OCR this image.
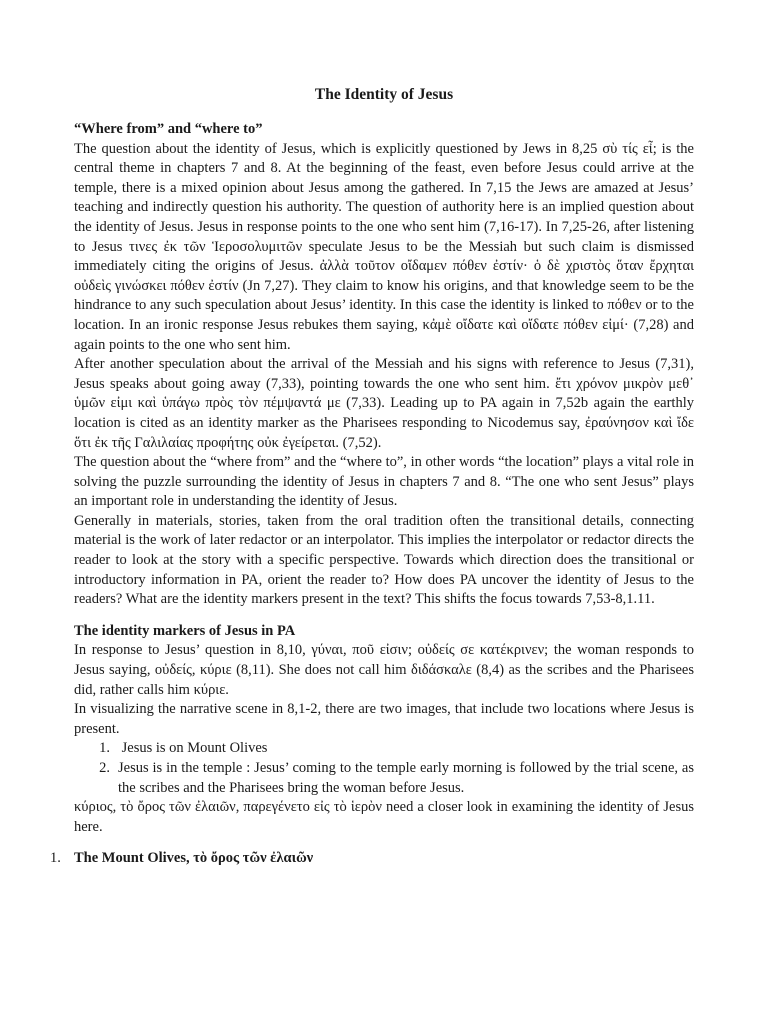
The Identity of Jesus
“Where from” and “where to”

The question about the identity of Jesus, which is explicitly questioned by Jews in 8,25 σὺ τίς εἶ; is the central theme in chapters 7 and 8. At the beginning of the feast, even before Jesus could arrive at the temple, there is a mixed opinion about Jesus among the gathered. In 7,15 the Jews are amazed at Jesus’ teaching and indirectly question his authority. The question of authority here is an implied question about the identity of Jesus. Jesus in response points to the one who sent him (7,16-17). In 7,25-26, after listening to Jesus τινες ἐκ τῶν Ἱεροσολυμιτῶν speculate Jesus to be the Messiah but such claim is dismissed immediately citing the origins of Jesus. ἀλλὰ τοῦτον οἴδαμεν πόθεν ἐστίν· ὁ δὲ χριστὸς ὅταν ἔρχηται οὐδεὶς γινώσκει πόθεν ἐστίν (Jn 7,27). They claim to know his origins, and that knowledge seem to be the hindrance to any such speculation about Jesus’ identity. In this case the identity is linked to πόθεν or to the location. In an ironic response Jesus rebukes them saying, κἀμὲ οἴδατε καὶ οἴδατε πόθεν εἰμί· (7,28) and again points to the one who sent him.

After another speculation about the arrival of the Messiah and his signs with reference to Jesus (7,31), Jesus speaks about going away (7,33), pointing towards the one who sent him. ἔτι χρόνον μικρὸν μεθ᾽ ὑμῶν εἰμι καὶ ὑπάγω πρὸς τὸν πέμψαντά με (7,33). Leading up to PA again in 7,52b again the earthly location is cited as an identity marker as the Pharisees responding to Nicodemus say, ἐραύνησον καὶ ἴδε ὅτι ἐκ τῆς Γαλιλαίας προφήτης οὐκ ἐγείρεται. (7,52).

The question about the “where from” and the “where to”, in other words “the location” plays a vital role in solving the puzzle surrounding the identity of Jesus in chapters 7 and 8. “The one who sent Jesus” plays an important role in understanding the identity of Jesus.

Generally in materials, stories, taken from the oral tradition often the transitional details, connecting material is the work of later redactor or an interpolator. This implies the interpolator or redactor directs the reader to look at the story with a specific perspective. Towards which direction does the transitional or introductory information in PA, orient the reader to? How does PA uncover the identity of Jesus to the readers? What are the identity markers present in the text? This shifts the focus towards 7,53-8,1.11.

The identity markers of Jesus in PA

In response to Jesus’ question in 8,10, γύναι, ποῦ εἰσιν; οὐδείς σε κατέκρινεν; the woman responds to Jesus saying, οὐδείς, κύριε (8,11). She does not call him διδάσκαλε (8,4) as the scribes and the Pharisees did, rather calls him κύριε.

In visualizing the narrative scene in 8,1-2, there are two images, that include two locations where Jesus is present.

1. Jesus is on Mount Olives
2. Jesus is in the temple : Jesus’ coming to the temple early morning is followed by the trial scene, as the scribes and the Pharisees bring the woman before Jesus.

κύριος, τὸ ὄρος τῶν ἐλαιῶν, παρεγένετο εἰς τὸ ἱερὸν need a closer look in examining the identity of Jesus here.

1. The Mount Olives, τὸ ὄρος τῶν ἐλαιῶν
